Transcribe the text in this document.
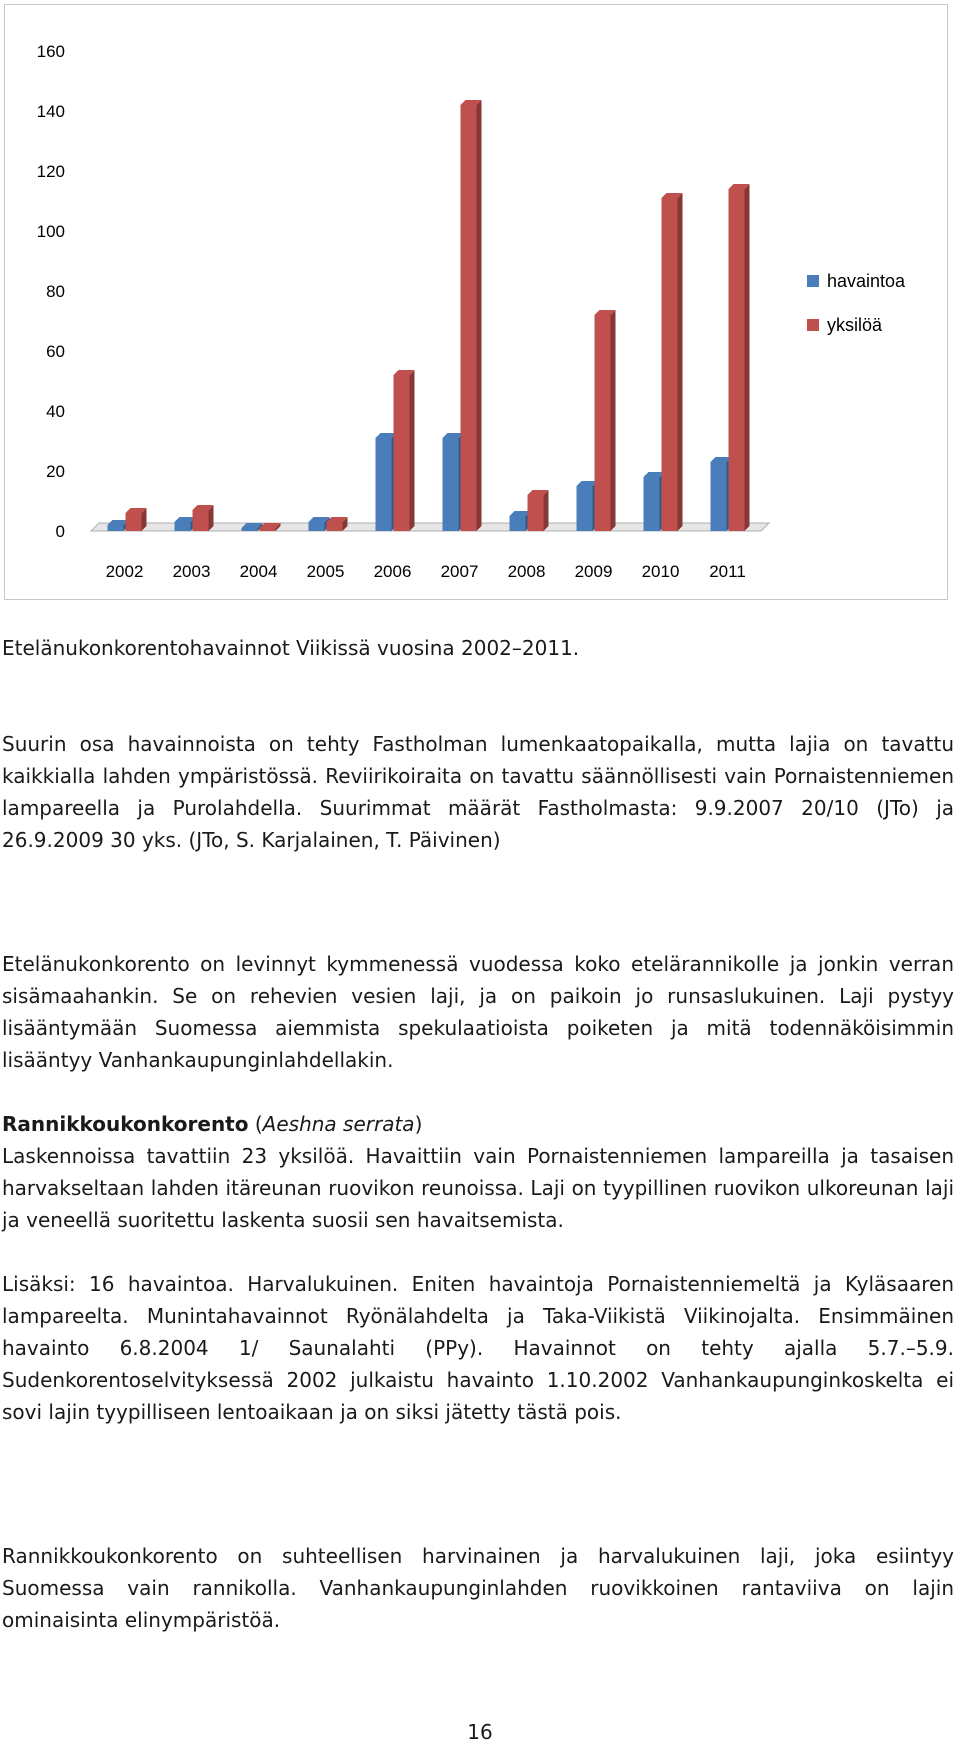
0
20
40
60
80
100
120
140
160
2002 2003 2004 2005 2006 2007 2008 2009 2010 2011
havaintoa
yksilöä

Etelänukonkorentohavainnot Viikissä vuosina 2002–2011.

Suurin osa havainnoista on tehty Fastholman lumenkaatopaikalla, mutta lajia on tavattu kaikkialla lahden ympäristössä. Reviirikoiraita on tavattu säännöllisesti vain Pornaistenniemen lampareella ja Purolahdella. Suurimmat määrät Fastholmasta: 9.9.2007 20/10 (JTo) ja 26.9.2009 30 yks. (JTo, S. Karjalainen, T. Päivinen)

Etelänukonkorento on levinnyt kymmenessä vuodessa koko etelärannikolle ja jonkin verran sisämaahankin. Se on rehevien vesien laji, ja on paikoin jo runsaslukuinen. Laji pystyy lisääntymään Suomessa aiemmista spekulaatioista poiketen ja mitä todennäköisimmin lisääntyy Vanhankaupunginlahdellakin.

Rannikkoukonkorento (Aeshna serrata)

Laskennoissa tavattiin 23 yksilöä. Havaittiin vain Pornaistenniemen lampareilla ja tasaisen harvakseltaan lahden itäreunan ruovikon reunoissa. Laji on tyypillinen ruovikon ulkoreunan laji ja veneellä suoritettu laskenta suosii sen havaitsemista.

Lisäksi: 16 havaintoa. Harvalukuinen. Eniten havaintoja Pornaistenniemeltä ja Kyläsaaren lampareelta. Munintahavainnot Ryönälahdelta ja Taka-Viikistä Viikinojalta. Ensimmäinen havainto 6.8.2004 1/ Saunalahti (PPy). Havainnot on tehty ajalla 5.7.–5.9. Sudenkorentoselvityksessä 2002 julkaistu havainto 1.10.2002 Vanhankaupunginkoskelta ei sovi lajin tyypilliseen lentoaikaan ja on siksi jätetty tästä pois.

Rannikkoukonkorento on suhteellisen harvinainen ja harvalukuinen laji, joka esiintyy Suomessa vain rannikolla. Vanhankaupunginlahden ruovikkoinen rantaviiva on lajin ominaisinta elinympäristöä.

16
